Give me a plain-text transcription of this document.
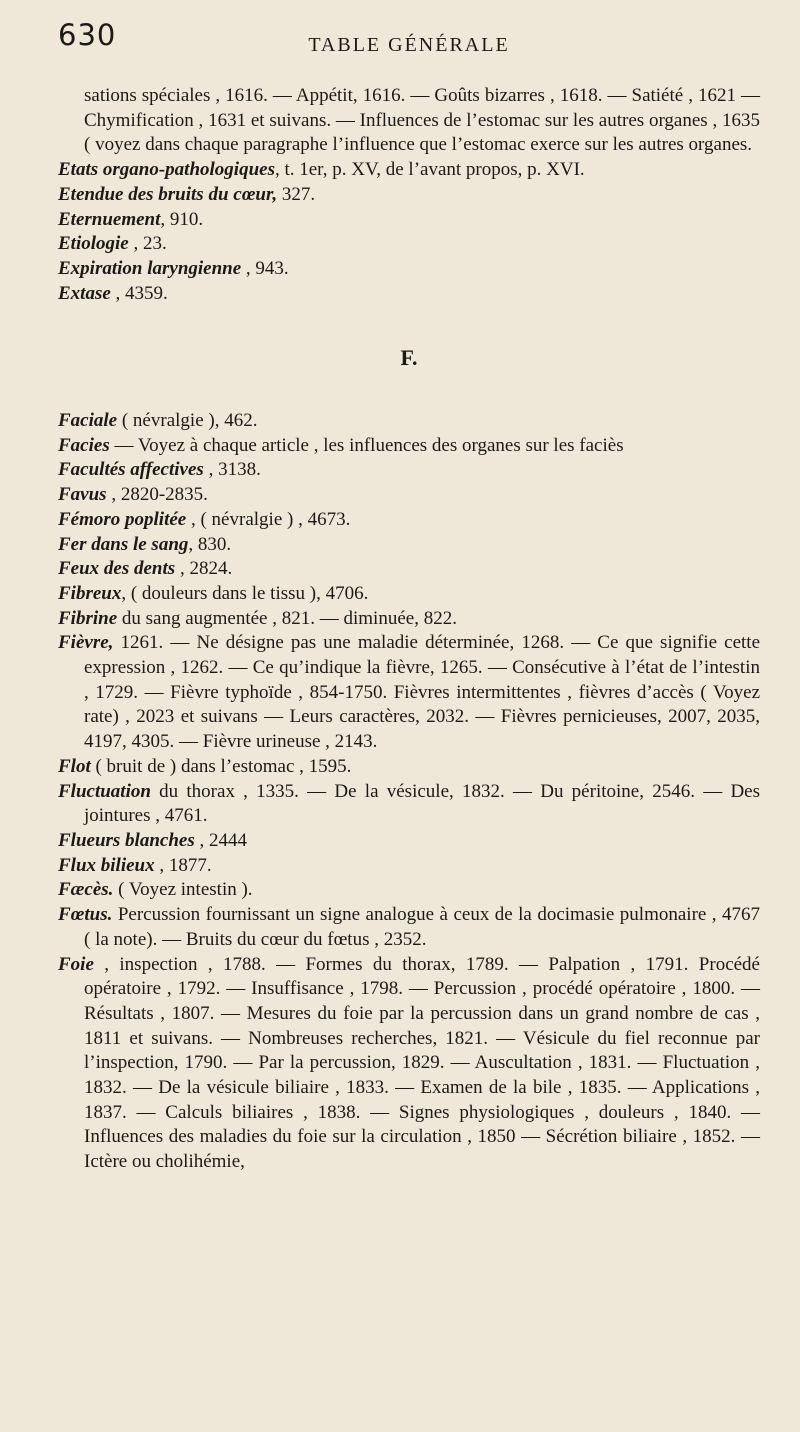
630	TABLE GÉNÉRALE

sations spéciales , 1616. — Appétit, 1616. — Goûts bizarres , 1618. — Satiété , 1621 — Chymification , 1631 et suivans. — Influences de l’estomac sur les autres organes , 1635 ( voyez dans chaque paragraphe l’influence que l’estomac exerce sur les autres organes.

Etats organo-pathologiques, t. 1er, p. XV, de l’avant propos, p. XVI.

Etendue des bruits du cœur, 327.

Eternuement, 910.

Etiologie , 23.

Expiration laryngienne , 943.

Extase , 4359.

F.

Faciale ( névralgie ), 462.

Facies — Voyez à chaque article , les influences des organes sur les faciès

Facultés affectives , 3138.

Favus , 2820-2835.

Fémoro poplitée , ( névralgie ) , 4673.

Fer dans le sang, 830.

Feux des dents , 2824.

Fibreux, ( douleurs dans le tissu ), 4706.

Fibrine du sang augmentée , 821. — diminuée, 822.

Fièvre, 1261. — Ne désigne pas une maladie déterminée, 1268. — Ce que signifie cette expression , 1262. — Ce qu’indique la fièvre, 1265. — Consécutive à l’état de l’intestin , 1729. — Fièvre typhoïde , 854-1750. Fièvres intermittentes , fièvres d’accès ( Voyez rate) , 2023 et suivans — Leurs caractères, 2032. — Fièvres pernicieuses, 2007, 2035, 4197, 4305. — Fièvre urineuse , 2143.

Flot ( bruit de ) dans l’estomac , 1595.

Fluctuation du thorax , 1335. — De la vésicule, 1832. — Du péritoine, 2546. — Des jointures , 4761.

Flueurs blanches , 2444

Flux bilieux , 1877.

Fæcès. ( Voyez intestin ).

Fœtus. Percussion fournissant un signe analogue à ceux de la docimasie pulmonaire , 4767 ( la note). — Bruits du cœur du fœtus , 2352.

Foie , inspection , 1788. — Formes du thorax, 1789. — Palpation , 1791. Procédé opératoire , 1792. — Insuffisance , 1798. — Percussion , procédé opératoire , 1800. — Résultats , 1807. — Mesures du foie par la percussion dans un grand nombre de cas , 1811 et suivans. — Nombreuses recherches, 1821. — Vésicule du fiel reconnue par l’inspection, 1790. — Par la percussion, 1829. — Auscultation , 1831. — Fluctuation , 1832. — De la vésicule biliaire , 1833. — Examen de la bile , 1835. — Applications , 1837. — Calculs biliaires , 1838. — Signes physiologiques , douleurs , 1840. — Influences des maladies du foie sur la circulation , 1850 — Sécrétion biliaire , 1852. — Ictère ou cholihémie,
